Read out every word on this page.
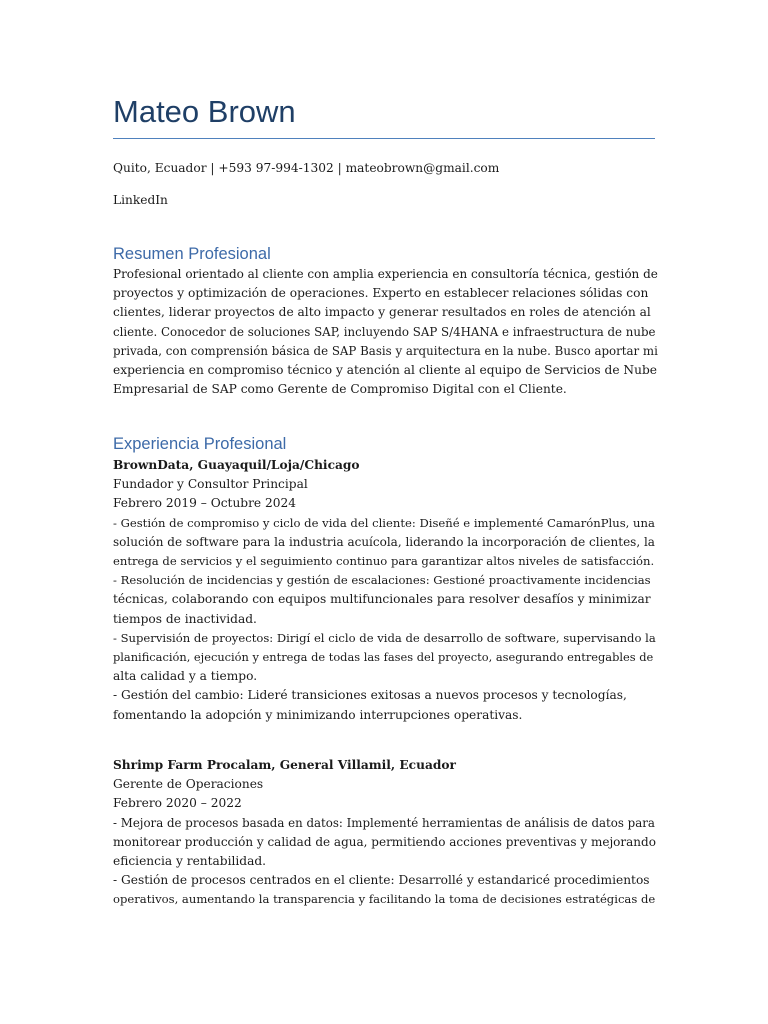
Mateo Brown
Quito, Ecuador | +593 97-994-1302 | mateobrown@gmail.com
LinkedIn
Resumen Profesional
Profesional orientado al cliente con amplia experiencia en consultoría técnica, gestión de
proyectos y optimización de operaciones. Experto en establecer relaciones sólidas con
clientes, liderar proyectos de alto impacto y generar resultados en roles de atención al
cliente. Conocedor de soluciones SAP, incluyendo SAP S/4HANA e infraestructura de nube
privada, con comprensión básica de SAP Basis y arquitectura en la nube. Busco aportar mi
experiencia en compromiso técnico y atención al cliente al equipo de Servicios de Nube
Empresarial de SAP como Gerente de Compromiso Digital con el Cliente.
Experiencia Profesional
BrownData, Guayaquil/Loja/Chicago
Fundador y Consultor Principal
Febrero 2019 – Octubre 2024
- Gestión de compromiso y ciclo de vida del cliente: Diseñé e implementé CamarónPlus, una
solución de software para la industria acuícola, liderando la incorporación de clientes, la
entrega de servicios y el seguimiento continuo para garantizar altos niveles de satisfacción.
- Resolución de incidencias y gestión de escalaciones: Gestioné proactivamente incidencias
técnicas, colaborando con equipos multifuncionales para resolver desafíos y minimizar
tiempos de inactividad.
- Supervisión de proyectos: Dirigí el ciclo de vida de desarrollo de software, supervisando la
planificación, ejecución y entrega de todas las fases del proyecto, asegurando entregables de
alta calidad y a tiempo.
- Gestión del cambio: Lideré transiciones exitosas a nuevos procesos y tecnologías,
fomentando la adopción y minimizando interrupciones operativas.
Shrimp Farm Procalam, General Villamil, Ecuador
Gerente de Operaciones
Febrero 2020 – 2022
- Mejora de procesos basada en datos: Implementé herramientas de análisis de datos para
monitorear producción y calidad de agua, permitiendo acciones preventivas y mejorando
eficiencia y rentabilidad.
- Gestión de procesos centrados en el cliente: Desarrollé y estandaricé procedimientos
operativos, aumentando la transparencia y facilitando la toma de decisiones estratégicas de
